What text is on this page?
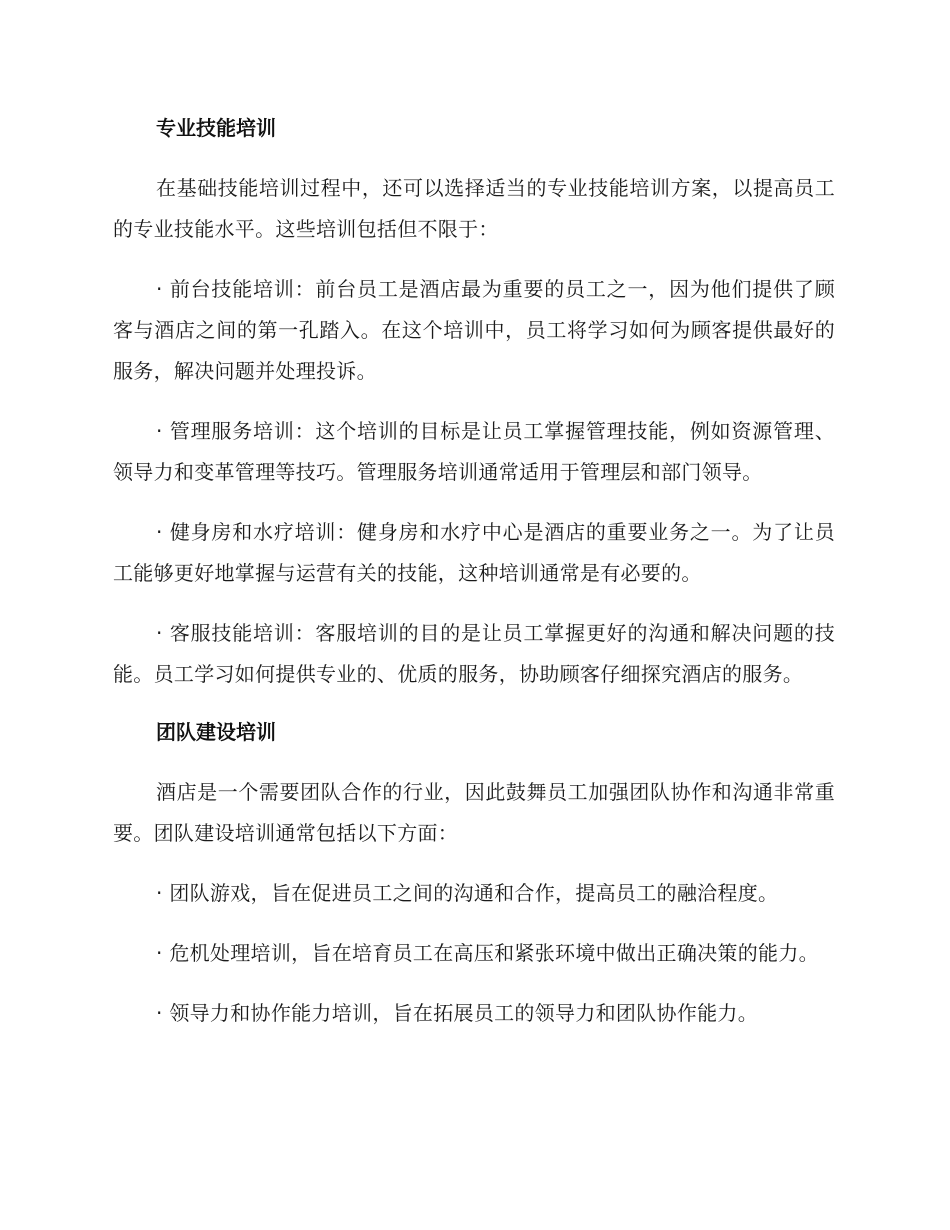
专业技能培训

在基础技能培训过程中，还可以选择适当的专业技能培训方案，以提高员工的专业技能水平。这些培训包括但不限于：

· 前台技能培训：前台员工是酒店最为重要的员工之一，因为他们提供了顾客与酒店之间的第一孔踏入。在这个培训中，员工将学习如何为顾客提供最好的服务，解决问题并处理投诉。

· 管理服务培训：这个培训的目标是让员工掌握管理技能，例如资源管理、领导力和变革管理等技巧。管理服务培训通常适用于管理层和部门领导。

· 健身房和水疗培训：健身房和水疗中心是酒店的重要业务之一。为了让员工能够更好地掌握与运营有关的技能，这种培训通常是有必要的。

· 客服技能培训：客服培训的目的是让员工掌握更好的沟通和解决问题的技能。员工学习如何提供专业的、优质的服务，协助顾客仔细探究酒店的服务。

团队建设培训

酒店是一个需要团队合作的行业，因此鼓舞员工加强团队协作和沟通非常重要。团队建设培训通常包括以下方面：

· 团队游戏，旨在促进员工之间的沟通和合作，提高员工的融洽程度。

· 危机处理培训，旨在培育员工在高压和紧张环境中做出正确决策的能力。

· 领导力和协作能力培训，旨在拓展员工的领导力和团队协作能力。
